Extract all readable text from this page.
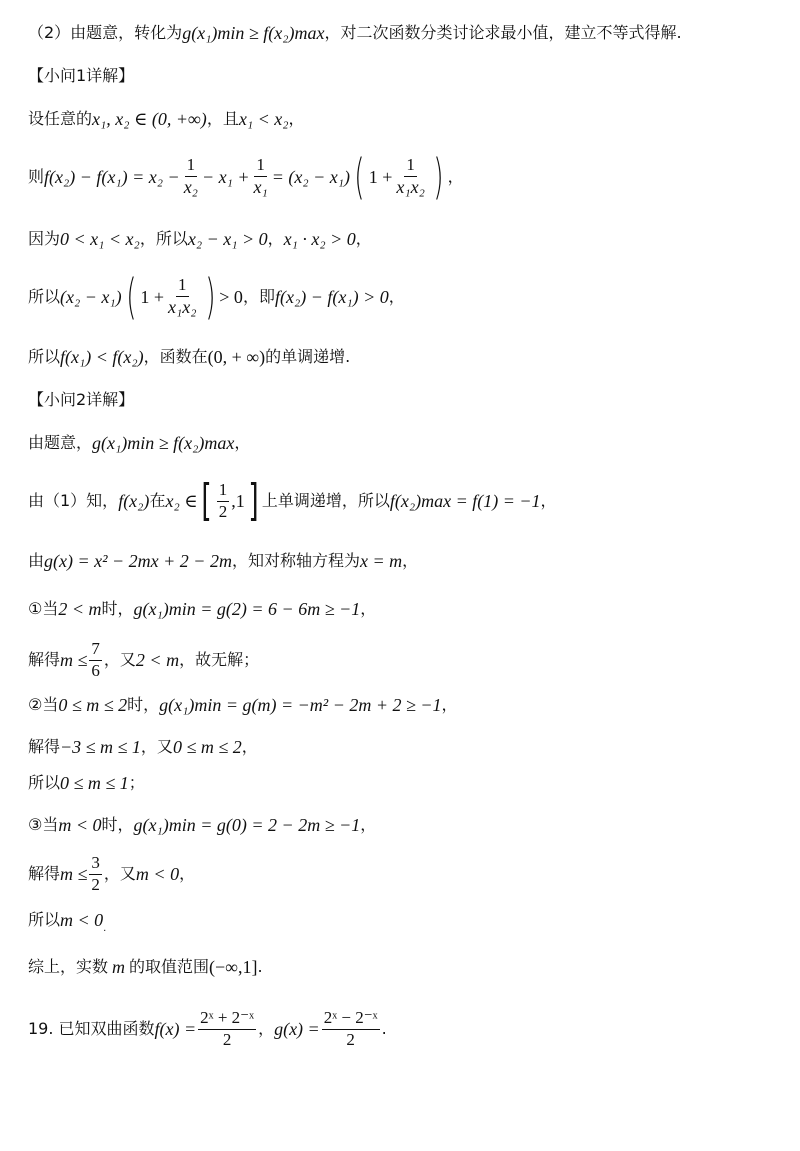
（2）由题意，转化为 g(x₁)min ≥ f(x₂)max ，对二次函数分类讨论求最小值，建立不等式得解.
【小问1详解】
设任意的 x₁, x₂ ∈ (0, +∞) ，且 x₁ < x₂ ，
则 $f(x_2) - f(x_1) = x_2 - \frac{1}{\text{x₂}} - x_1 + \frac{1}{\text{x₁}} = (x_2 - x_1)$ ( $1 + \frac{1}{\text{x₁x₂}}$ ) ，
因为 0 < x₁ < x₂ ，所以 x₂ − x₁ > 0 ， x₁ · x₂ > 0 ，
所以 (x₂ − x₁) ( $1 + \frac{1}{\text{x₁x₂}}$ ) > 0 ，即 f(x₂) − f(x₁) > 0 ，
所以 f(x₁) < f(x₂) ，函数在 (0, + ∞) 的单调递增.
【小问2详解】
由题意， g(x₁)min ≥ f(x₂)max ，
由（1）知， f(x₂) 在 x₂ ∈ [ $\frac{1}{2} ,1$ ] 上单调递增，所以 f(x₂)max = f(1) = −1 ，
由 g(x) = x² − 2mx + 2 − 2m ，知对称轴方程为 x = m ，
①当 2 < m 时， g(x₁)min = g(2) = 6 − 6m ≥ −1 ，
解得 $m \le \frac{7}{6}$ ，又 2 < m ，故无解；
②当 0 ≤ m ≤ 2 时， g(x₁)min = g(m) = −m² − 2m + 2 ≥ −1 ，
解得 −3 ≤ m ≤ 1 ，又 0 ≤ m ≤ 2 ，
所以 0 ≤ m ≤ 1 ；
③当 m < 0 时， g(x₁)min = g(0) = 2 − 2m ≥ −1 ，
解得 $m \le \frac{3}{2}$ ，又 m < 0 ，
所以 m < 0 .
综上，实数 m 的取值范围 (−∞,1] .
19. 已知双曲函数 $f(x) = \frac{\text{2ˣ + 2⁻ˣ}}{2}$ ， $g(x) = \frac{\text{2ˣ − 2⁻ˣ}}{2}$ .
